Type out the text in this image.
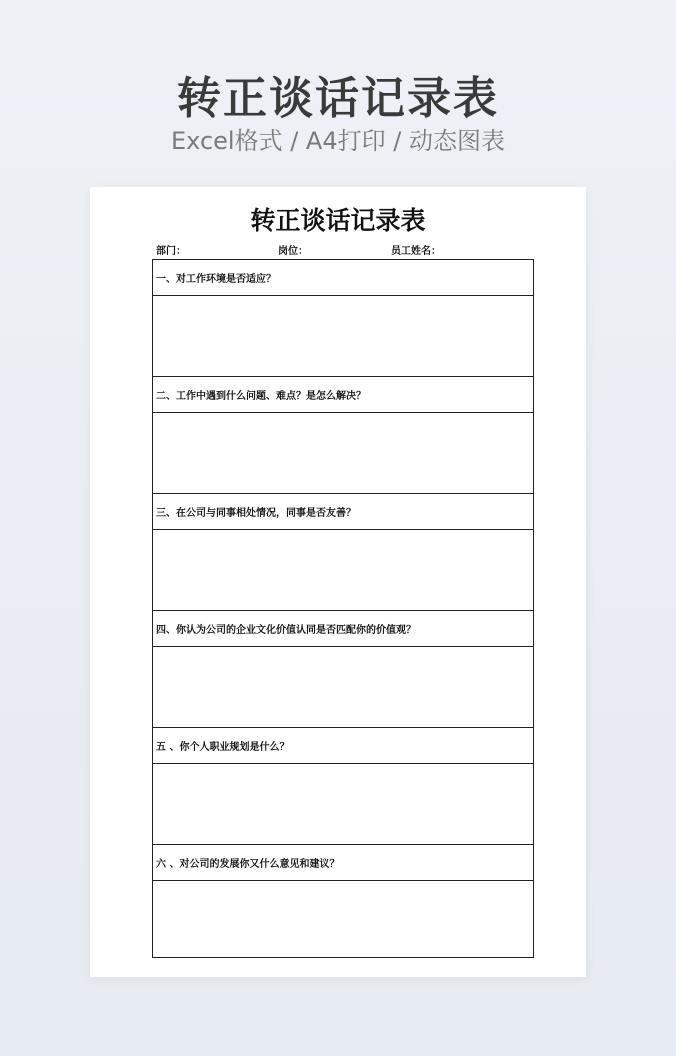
转正谈话记录表
Excel格式 / A4打印 / 动态图表
转正谈话记录表
部门：	岗位：	员工姓名：
一、对工作环境是否适应？
二、工作中遇到什么问题、难点？是怎么解决？
三、在公司与同事相处情况，同事是否友善？
四、你认为公司的企业文化价值认同是否匹配你的价值观？
五 、你个人职业规划是什么？
六 、对公司的发展你又什么意见和建议？
